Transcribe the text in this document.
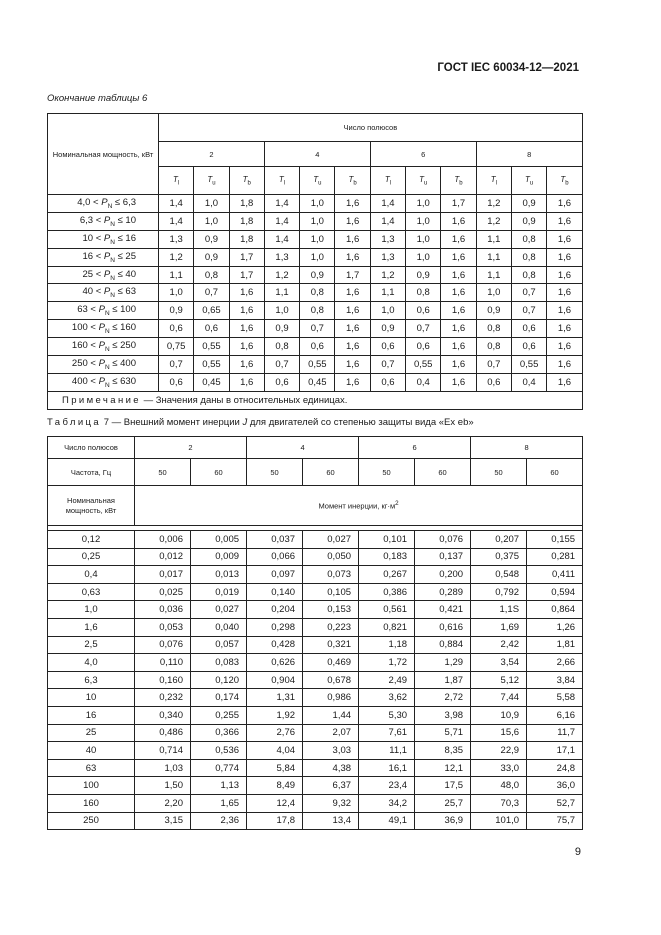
ГОСТ IEC 60034-12—2021
Окончание таблицы 6
Номинальная мощность, кВт	Число полюсов											
	2			4			6			8		
	$T_l$	$T_u$	$T_b$	$T_l$	$T_u$	$T_b$	$T_l$	$T_u$	$T_b$	$T_l$	$T_u$	$T_b$
$4,0 < P_N \le 6,3$	1,4	1,0	1,8	1,4	1,0	1,6	1,4	1,0	1,7	1,2	0,9	1,6
$6,3 < P_N \le 10$	1,4	1,0	1,8	1,4	1,0	1,6	1,4	1,0	1,6	1,2	0,9	1,6
$10 < P_N \le 16$	1,3	0,9	1,8	1,4	1,0	1,6	1,3	1,0	1,6	1,1	0,8	1,6
$16 < P_N \le 25$	1,2	0,9	1,7	1,3	1,0	1,6	1,3	1,0	1,6	1,1	0,8	1,6
$25 < P_N \le 40$	1,1	0,8	1,7	1,2	0,9	1,7	1,2	0,9	1,6	1,1	0,8	1,6
$40 < P_N \le 63$	1,0	0,7	1,6	1,1	0,8	1,6	1,1	0,8	1,6	1,0	0,7	1,6
$63 < P_N \le 100$	0,9	0,65	1,6	1,0	0,8	1,6	1,0	0,6	1,6	0,9	0,7	1,6
$100 < P_N \le 160$	0,6	0,6	1,6	0,9	0,7	1,6	0,9	0,7	1,6	0,8	0,6	1,6
$160 < P_N \le 250$	0,75	0,55	1,6	0,8	0,6	1,6	0,6	0,6	1,6	0,8	0,6	1,6
$250 < P_N \le 400$	0,7	0,55	1,6	0,7	0,55	1,6	0,7	0,55	1,6	0,7	0,55	1,6
$400 < P_N \le 630$	0,6	0,45	1,6	0,6	0,45	1,6	0,6	0,4	1,6	0,6	0,4	1,6
Примечание — Значения даны в относительных единицах.												
Таблица 7 — Внешний момент инерции J для двигателей со степенью защиты вида «Ex eb»
Число полюсов	2		4		6		8	
Частота, Гц	50	60	50	60	50	60	50	60
Номинальная мощность, кВт	Момент инерции, $кг\cdot м^2$

0,12	0,006	0,005	0,037	0,027	0,101	0,076	0,207	0,155
0,25	0,012	0,009	0,066	0,050	0,183	0,137	0,375	0,281
0,4	0,017	0,013	0,097	0,073	0,267	0,200	0,548	0,411
0,63	0,025	0,019	0,140	0,105	0,386	0,289	0,792	0,594
1,0	0,036	0,027	0,204	0,153	0,561	0,421	1,1S	0,864
1,6	0,053	0,040	0,298	0,223	0,821	0,616	1,69	1,26
2,5	0,076	0,057	0,428	0,321	1,18	0,884	2,42	1,81
4,0	0,110	0,083	0,626	0,469	1,72	1,29	3,54	2,66
6,3	0,160	0,120	0,904	0,678	2,49	1,87	5,12	3,84
10	0,232	0,174	1,31	0,986	3,62	2,72	7,44	5,58
16	0,340	0,255	1,92	1,44	5,30	3,98	10,9	6,16
25	0,486	0,366	2,76	2,07	7,61	5,71	15,6	11,7
40	0,714	0,536	4,04	3,03	11,1	8,35	22,9	17,1
63	1,03	0,774	5,84	4,38	16,1	12,1	33,0	24,8
100	1,50	1,13	8,49	6,37	23,4	17,5	48,0	36,0
160	2,20	1,65	12,4	9,32	34,2	25,7	70,3	52,7
250	3,15	2,36	17,8	13,4	49,1	36,9	101,0	75,7
9
